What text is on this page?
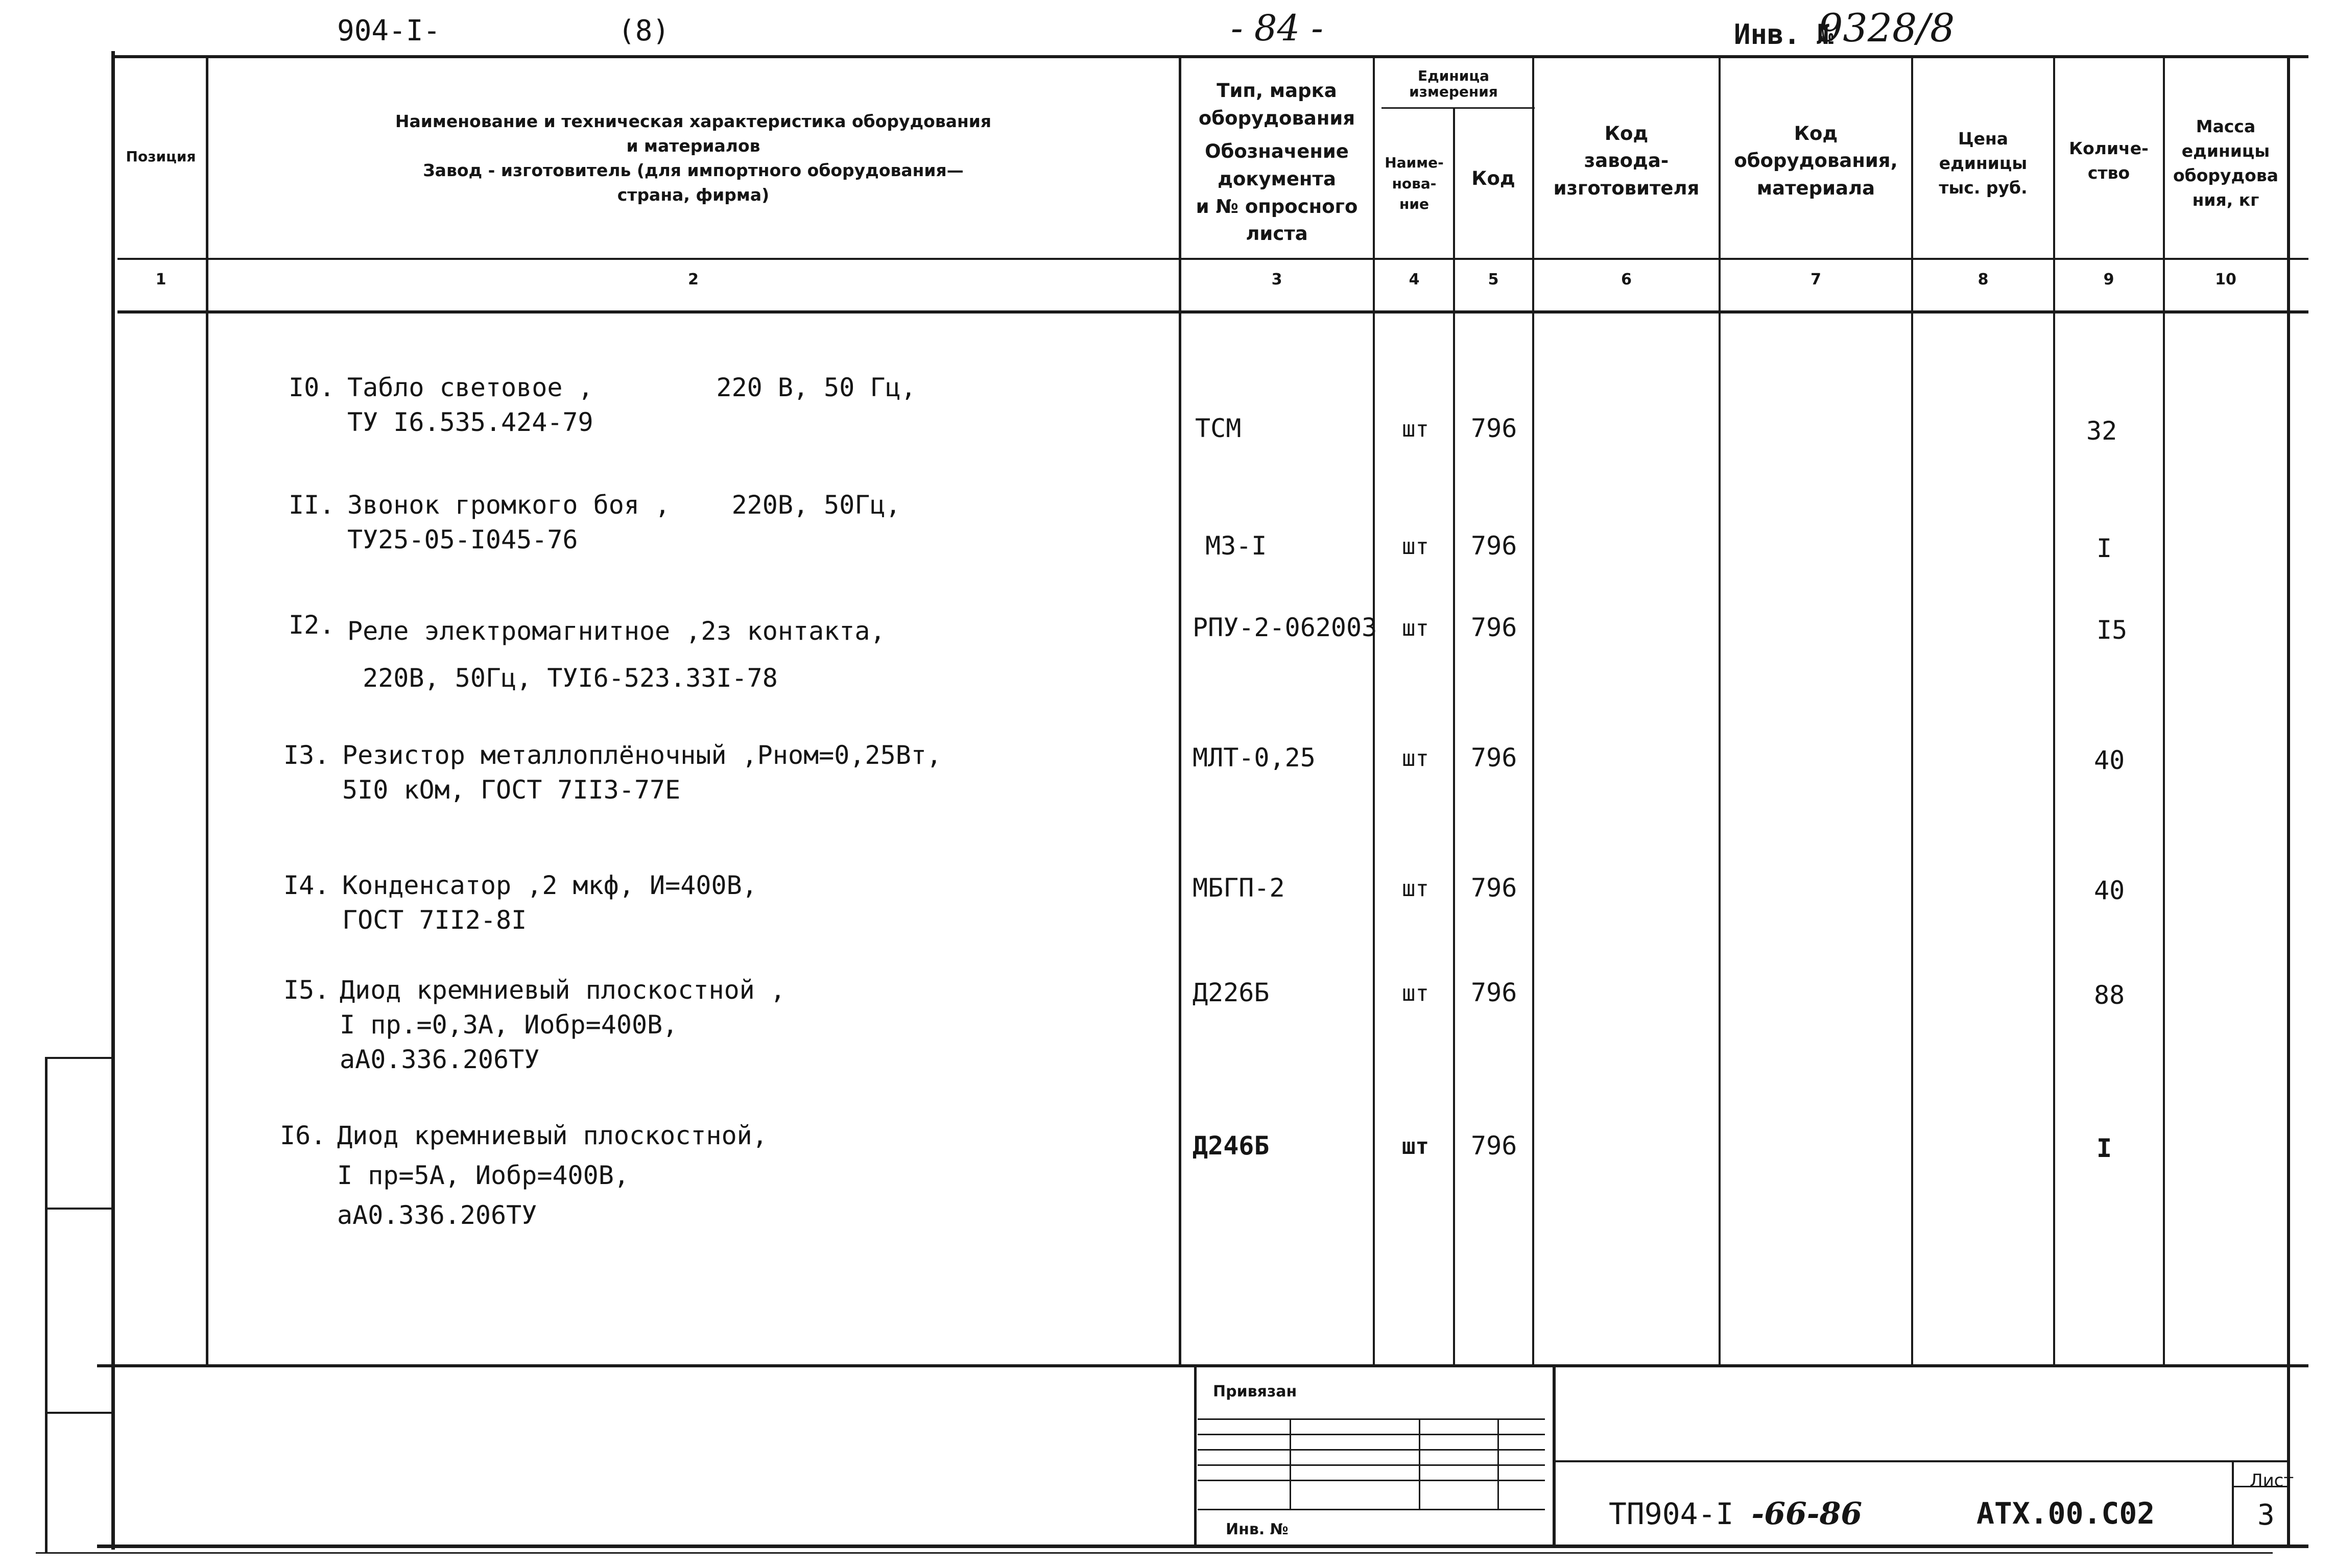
904-I-	(8)	- 84 -	Инв. №
9328/8
Позиция
Наименование и техническая характеристика оборудования
и материалов
Завод - изготовитель (для импортного оборудования—
страна, фирма)
Тип, марка
оборудования
Обозначение
документа
и № опросного
листа
Единица
измерения
Наиме-
нова-
ние
Код
Код
завода-
изготовителя
Код
оборудования,
материала
Цена
единицы
тыс. руб.
Количе-
ство
Масса
единицы
оборудова
ния, кг
1	2	3	4	5	6	7	8	9	10
I0. Табло световое ,        220 В, 50 Гц,
ТУ I6.535.424-79	ТСМ	шт 796	32
II. Звонок громкого боя ,    220В, 50Гц,
ТУ25-05-I045-76	МЗ-I	шт 796	I
I2. Реле электромагнитное ,2з контакта,
220В, 50Гц, ТУI6-523.33I-78
РПУ-2-062003 шт 796	I5
I3. Резистор металлоплёночный ,Рном=0,25Вт,
5I0 кОм, ГОСТ 7II3-77Е
МЛТ-0,25	шт 796	40
I4. Конденсатор ,2 мкф, И=400В,
ГОСТ 7II2-8I
МБГП-2	шт 796	40
I5. Диод кремниевый плоскостной ,
I пр.=0,3А, Иобр=400В,
аА0.336.206ТУ
Д226Б	шт 796	88
I6. Диод кремниевый плоскостной,
I пр=5А, Иобр=400В,
аА0.336.206ТУ
Д246Б	шт 796	I
Привязан
Инв. №	ТП904-I -66-86	АТХ.00.С02
Лист
3
